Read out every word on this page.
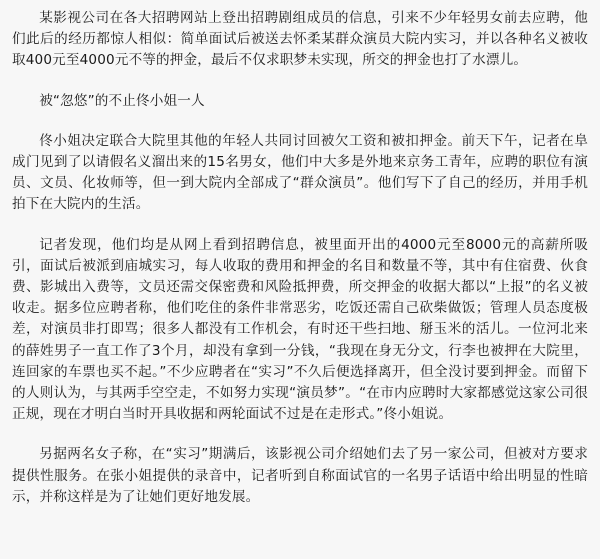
某影视公司在各大招聘网站上登出招聘剧组成员的信息，引来不少年轻男女前去应聘，他们此后的经历都惊人相似：简单面试后被送去怀柔某群众演员大院内实习，并以各种名义被收取400元至4000元不等的押金，最后不仅求职梦未实现，所交的押金也打了水漂儿。

被“忽悠”的不止佟小姐一人

佟小姐决定联合大院里其他的年轻人共同讨回被欠工资和被扣押金。前天下午，记者在阜成门见到了以请假名义溜出来的15名男女，他们中大多是外地来京务工青年，应聘的职位有演员、文员、化妆师等，但一到大院内全部成了“群众演员”。他们写下了自己的经历，并用手机拍下在大院内的生活。

记者发现，他们均是从网上看到招聘信息，被里面开出的4000元至8000元的高薪所吸引，面试后被派到庙城实习，每人收取的费用和押金的名目和数量不等，其中有住宿费、伙食费、影城出入费等，文员还需交保密费和风险抵押费，所交押金的收据大都以“上报”的名义被收走。据多位应聘者称，他们吃住的条件非常恶劣，吃饭还需自己砍柴做饭；管理人员态度极差，对演员非打即骂；很多人都没有工作机会，有时还干些扫地、掰玉米的活儿。一位河北来的薛姓男子一直工作了3个月，却没有拿到一分钱，“我现在身无分文，行李也被押在大院里，连回家的车票也买不起。”不少应聘者在“实习”不久后便选择离开，但全没讨要到押金。而留下的人则认为，与其两手空空走，不如努力实现“演员梦”。“在市内应聘时大家都感觉这家公司很正规，现在才明白当时开具收据和两轮面试不过是在走形式。”佟小姐说。

另据两名女子称，在“实习”期满后，该影视公司介绍她们去了另一家公司，但被对方要求提供性服务。在张小姐提供的录音中，记者听到自称面试官的一名男子话语中给出明显的性暗示，并称这样是为了让她们更好地发展。
